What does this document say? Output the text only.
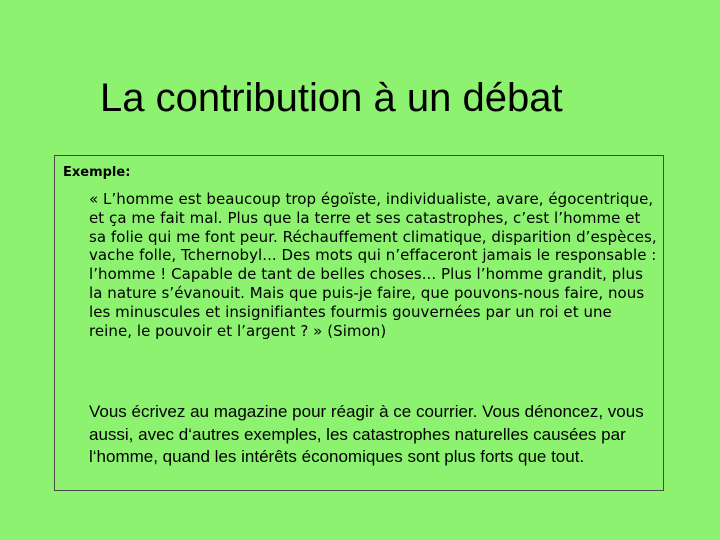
La contribution à un débat

Exemple:

« L’homme est beaucoup trop égoïste, individualiste, avare, égocentrique, et ça me fait mal. Plus que la terre et ses catastrophes, c’est l’homme et sa folie qui me font peur. Réchauffement climatique, disparition d’espèces, vache folle, Tchernobyl... Des mots qui n’effaceront jamais le responsable : l’homme ! Capable de tant de belles choses... Plus l’homme grandit, plus la nature s’évanouit. Mais que puis-je faire, que pouvons-nous faire, nous les minuscules et insignifiantes fourmis gouvernées par un roi et une reine, le pouvoir et l’argent ? » (Simon)

Vous écrivez au magazine pour réagir à ce courrier. Vous dénoncez, vous aussi, avec d‘autres exemples, les catastrophes naturelles causées par l‘homme, quand les intérêts économiques sont plus forts que tout.
